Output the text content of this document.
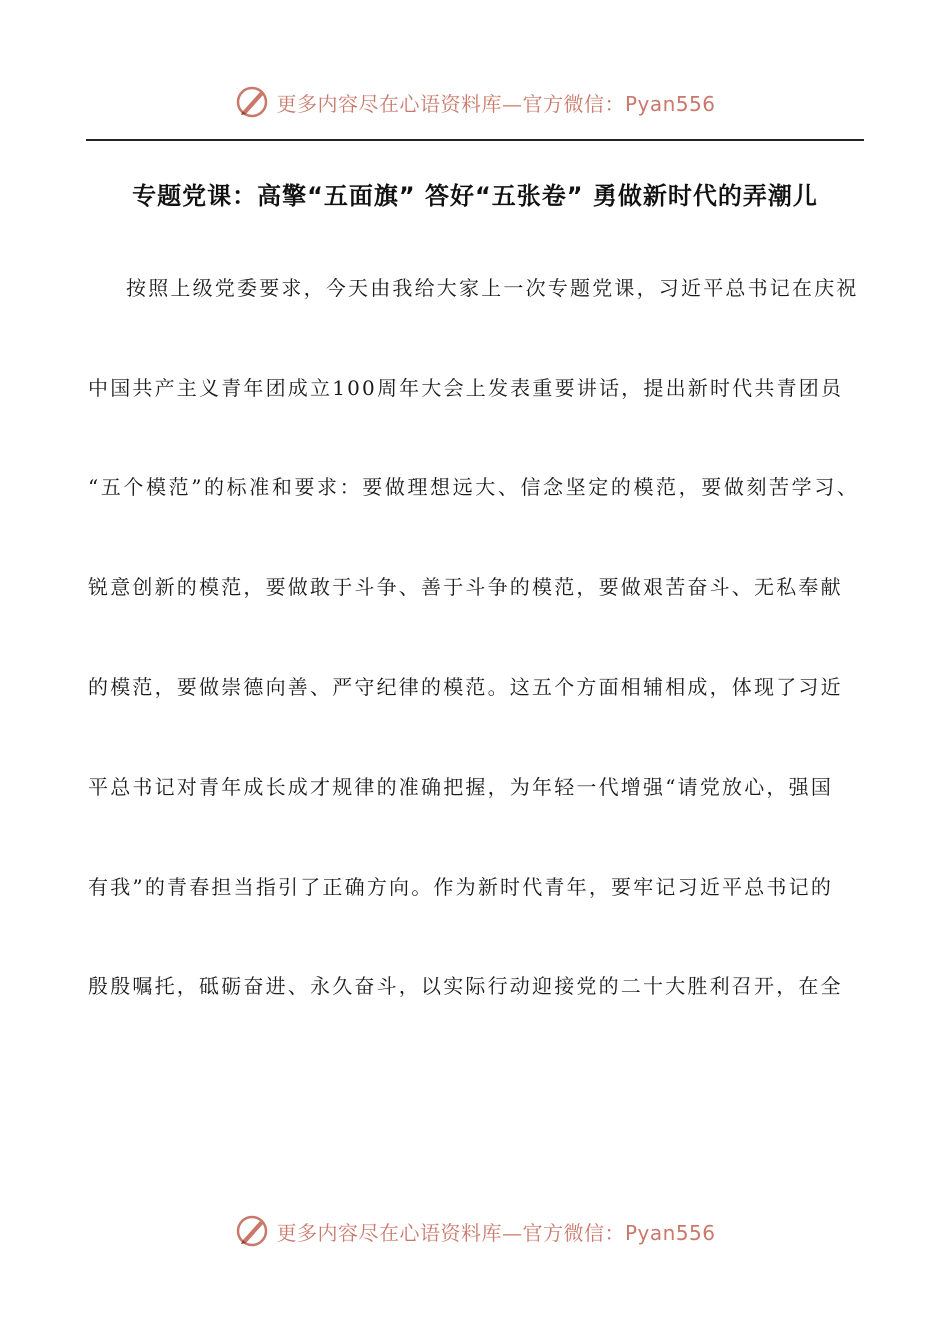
更多内容尽在心语资料库—官方微信：Pyan556
专题党课：高擎“五面旗” 答好“五张卷” 勇做新时代的弄潮儿
按照上级党委要求，今天由我给大家上一次专题党课，习近平总书记在庆祝
中国共产主义青年团成立100周年大会上发表重要讲话，提出新时代共青团员
“五个模范”的标准和要求：要做理想远大、信念坚定的模范，要做刻苦学习、
锐意创新的模范，要做敢于斗争、善于斗争的模范，要做艰苦奋斗、无私奉献
的模范，要做崇德向善、严守纪律的模范。这五个方面相辅相成，体现了习近
平总书记对青年成长成才规律的准确把握，为年轻一代增强“请党放心，强国
有我”的青春担当指引了正确方向。作为新时代青年，要牢记习近平总书记的
殷殷嘱托，砥砺奋进、永久奋斗，以实际行动迎接党的二十大胜利召开，在全
更多内容尽在心语资料库—官方微信：Pyan556
